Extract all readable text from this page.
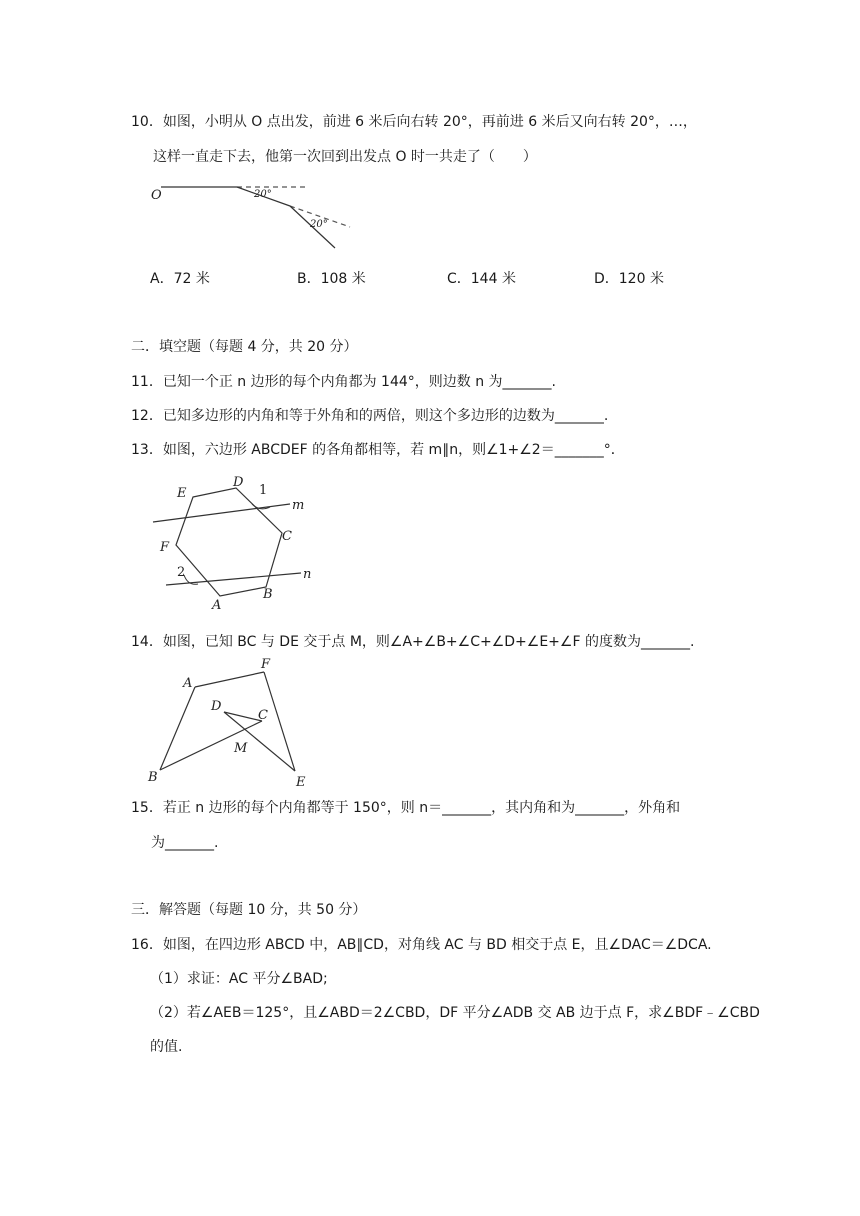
10．如图，小明从 O 点出发，前进 6 米后向右转 20°，再前进 6 米后又向右转 20°，…，
这样一直走下去，他第一次回到出发点 O 时一共走了（　　）
O	20°
20°
A．72 米	B．108 米	C．144 米	D．120 米
二．填空题（每题 4 分，共 20 分）
11．已知一个正 n 边形的每个内角都为 144°，则边数 n 为_______.
12．已知多边形的内角和等于外角和的两倍，则这个多边形的边数为_______.
13．如图，六边形 ABCDEF 的各角都相等，若 m∥n，则∠1+∠2＝_______°．
E
D
1
m
C
F
2	n
B
A
14．如图，已知 BC 与 DE 交于点 M，则∠A+∠B+∠C+∠D+∠E+∠F 的度数为_______.
A
F
D
C
M
B	E
15．若正 n 边形的每个内角都等于 150°，则 n＝_______，其内角和为_______，外角和
为_______.
三．解答题（每题 10 分，共 50 分）
16．如图，在四边形 ABCD 中，AB∥CD，对角线 AC 与 BD 相交于点 E，且∠DAC＝∠DCA.
（1）求证：AC 平分∠BAD;
（2）若∠AEB＝125°，且∠ABD＝2∠CBD，DF 平分∠ADB 交 AB 边于点 F，求∠BDF﹣∠CBD
的值.
